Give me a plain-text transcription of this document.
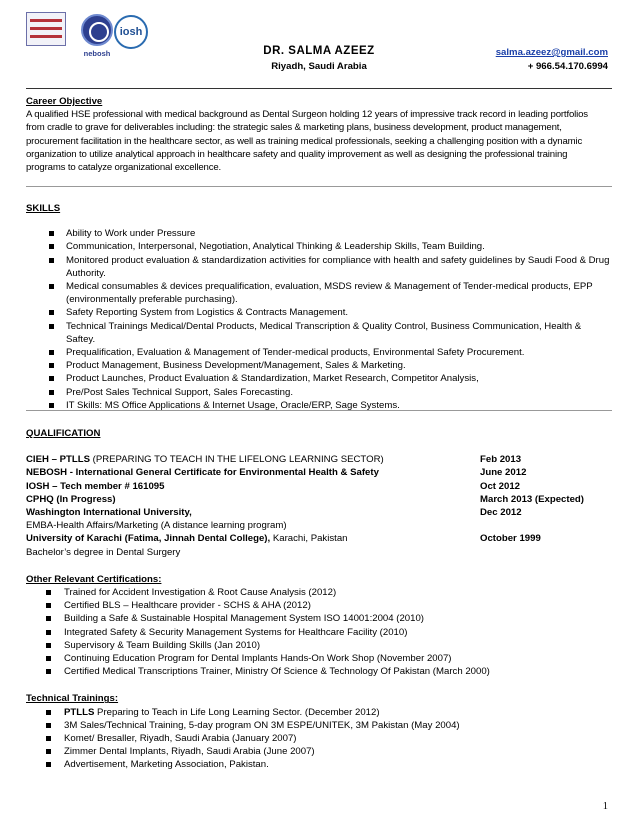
nebosh
iosh
DR. SALMA AZEEZ
Riyadh, Saudi Arabia
salma.azeez@gmail.com
+ 966.54.170.6994
Career Objective
A qualified HSE professional with medical background as Dental Surgeon holding 12 years of impressive track record in leading portfolios
from cradle to grave for deliverables including: the strategic sales & marketing plans, business development, product management,
procurement facilitation in the healthcare sector, as well as training medical professionals, seeking a challenging position with a dynamic
organization to utilize analytical approach in healthcare safety and quality improvement as well as designing the professional training
programs to catalyze organizational excellence.
SKILLS
Ability to Work under Pressure
Communication, Interpersonal, Negotiation, Analytical Thinking & Leadership Skills, Team Building.
Monitored product evaluation & standardization activities for compliance with health and safety guidelines by Saudi Food & Drug Authority.
Medical consumables & devices prequalification, evaluation, MSDS review & Management of Tender-medical products, EPP (environmentally preferable purchasing).
Safety Reporting System from Logistics & Contracts Management.
Technical Trainings Medical/Dental Products, Medical Transcription & Quality Control, Business Communication, Health & Saftey.
Prequalification, Evaluation & Management of Tender-medical products, Environmental Safety Procurement.
Product Management, Business Development/Management, Sales & Marketing.
Product Launches, Product Evaluation & Standardization, Market Research, Competitor Analysis,
Pre/Post Sales Technical Support, Sales Forecasting.
IT Skills: MS Office Applications & Internet Usage, Oracle/ERP, Sage Systems.
QUALIFICATION
CIEH – PTLLS (PREPARING TO TEACH IN THE LIFELONG LEARNING SECTOR)	Feb 2013
NEBOSH - International General Certificate for Environmental Health & Safety	June 2012
IOSH – Tech member # 161095	Oct 2012
CPHQ (In Progress)	March 2013 (Expected)
Washington International University,	Dec 2012
EMBA-Health Affairs/Marketing (A distance learning program)
University of Karachi (Fatima, Jinnah Dental College), Karachi, Pakistan	October 1999
Bachelor’s degree in Dental Surgery
Other Relevant Certifications:
Trained for Accident Investigation & Root Cause Analysis (2012)
Certified BLS – Healthcare provider - SCHS & AHA (2012)
Building a Safe & Sustainable Hospital Management System ISO 14001:2004 (2010)
Integrated Safety & Security Management Systems for Healthcare Facility (2010)
Supervisory & Team Building Skills (Jan 2010)
Continuing Education Program for Dental Implants Hands-On Work Shop (November 2007)
Certified Medical Transcriptions Trainer, Ministry Of Science & Technology Of Pakistan (March 2000)
Technical Trainings:
PTLLS Preparing to Teach in Life Long Learning Sector. (December 2012)
3M Sales/Technical Training, 5-day program ON 3M ESPE/UNITEK, 3M Pakistan (May 2004)
Komet/ Bresaller, Riyadh, Saudi Arabia (January 2007)
Zimmer Dental Implants, Riyadh, Saudi Arabia (June 2007)
Advertisement, Marketing Association, Pakistan.
1
